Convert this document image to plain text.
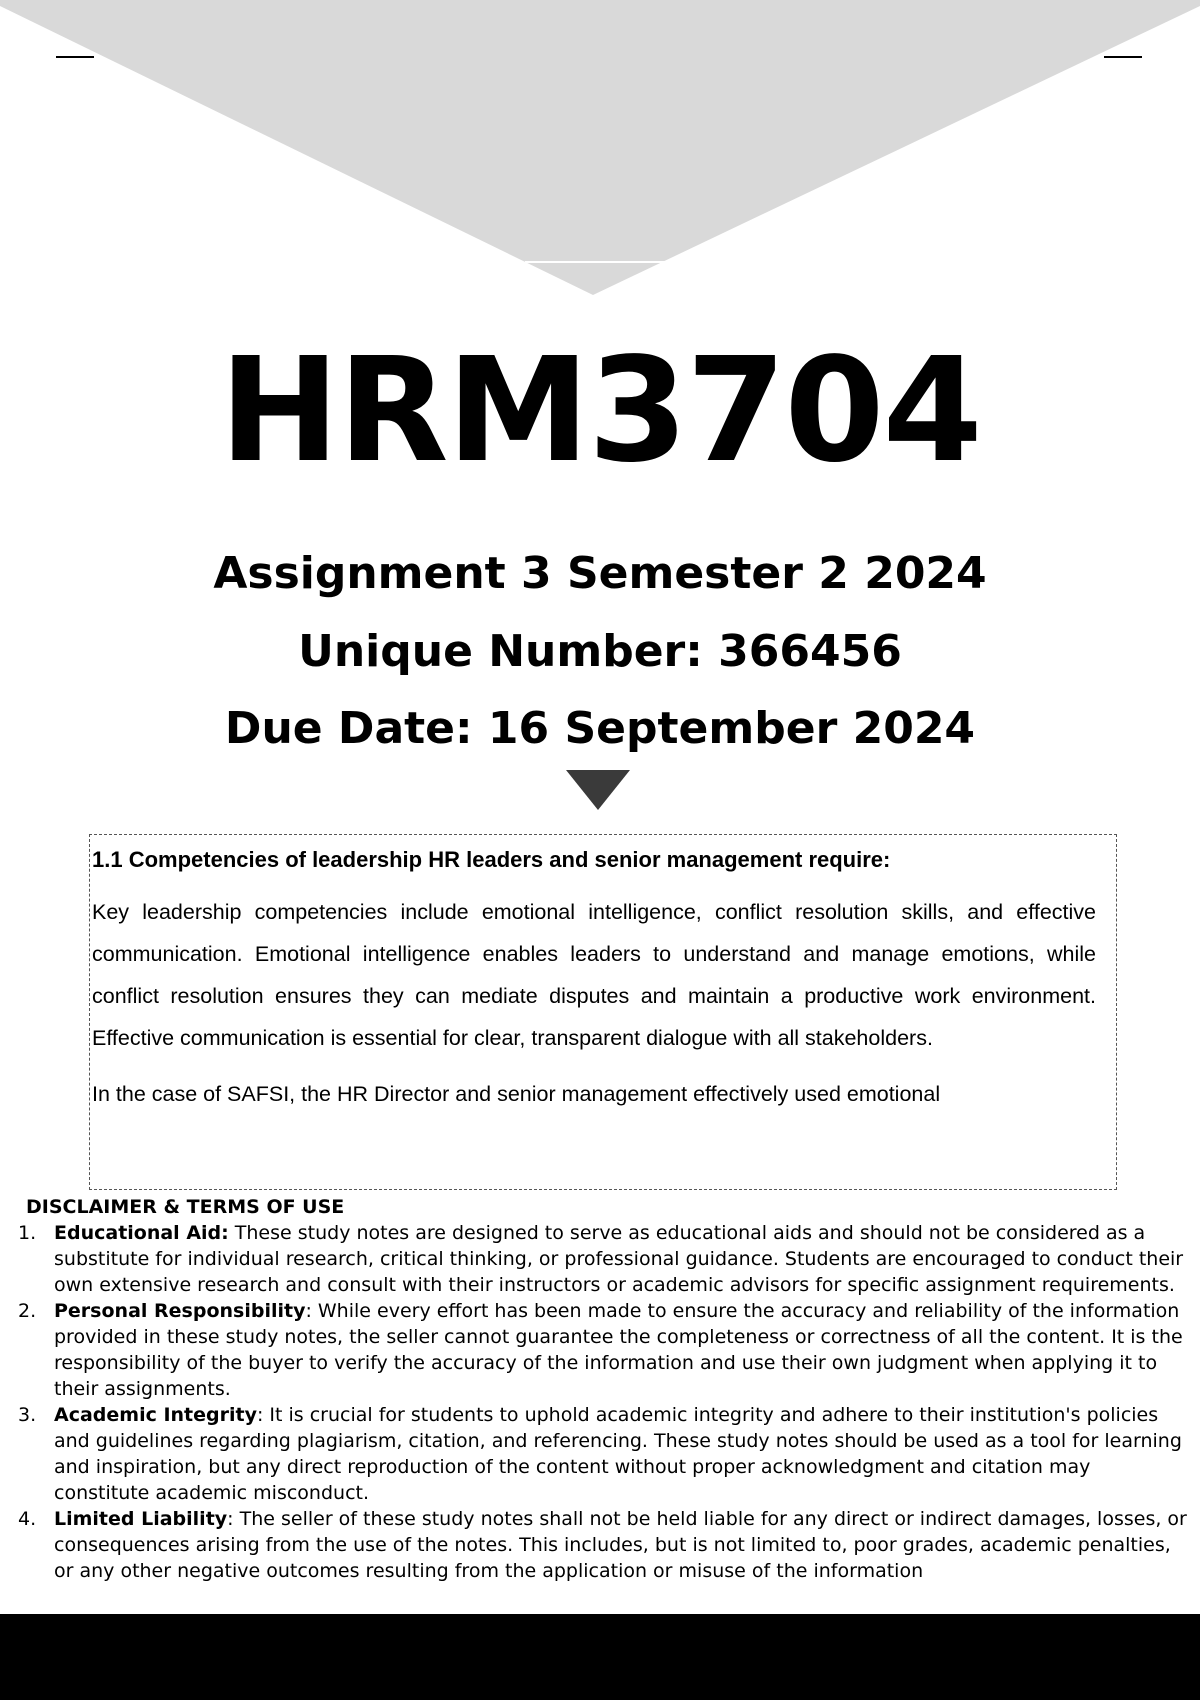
HRM3704
Assignment 3 Semester 2 2024
Unique Number: 366456
Due Date: 16 September 2024
1.1 Competencies of leadership HR leaders and senior management require:

Key leadership competencies include emotional intelligence, conflict resolution skills, and effective communication. Emotional intelligence enables leaders to understand and manage emotions, while conflict resolution ensures they can mediate disputes and maintain a productive work environment. Effective communication is essential for clear, transparent dialogue with all stakeholders.

In the case of SAFSI, the HR Director and senior management effectively used emotional

DISCLAIMER & TERMS OF USE
1. Educational Aid: These study notes are designed to serve as educational aids and should not be considered as a substitute for individual research, critical thinking, or professional guidance. Students are encouraged to conduct their own extensive research and consult with their instructors or academic advisors for specific assignment requirements.
2. Personal Responsibility: While every effort has been made to ensure the accuracy and reliability of the information provided in these study notes, the seller cannot guarantee the completeness or correctness of all the content. It is the responsibility of the buyer to verify the accuracy of the information and use their own judgment when applying it to their assignments.
3. Academic Integrity: It is crucial for students to uphold academic integrity and adhere to their institution's policies and guidelines regarding plagiarism, citation, and referencing. These study notes should be used as a tool for learning and inspiration, but any direct reproduction of the content without proper acknowledgment and citation may constitute academic misconduct.
4. Limited Liability: The seller of these study notes shall not be held liable for any direct or indirect damages, losses, or consequences arising from the use of the notes. This includes, but is not limited to, poor grades, academic penalties, or any other negative outcomes resulting from the application or misuse of the information
